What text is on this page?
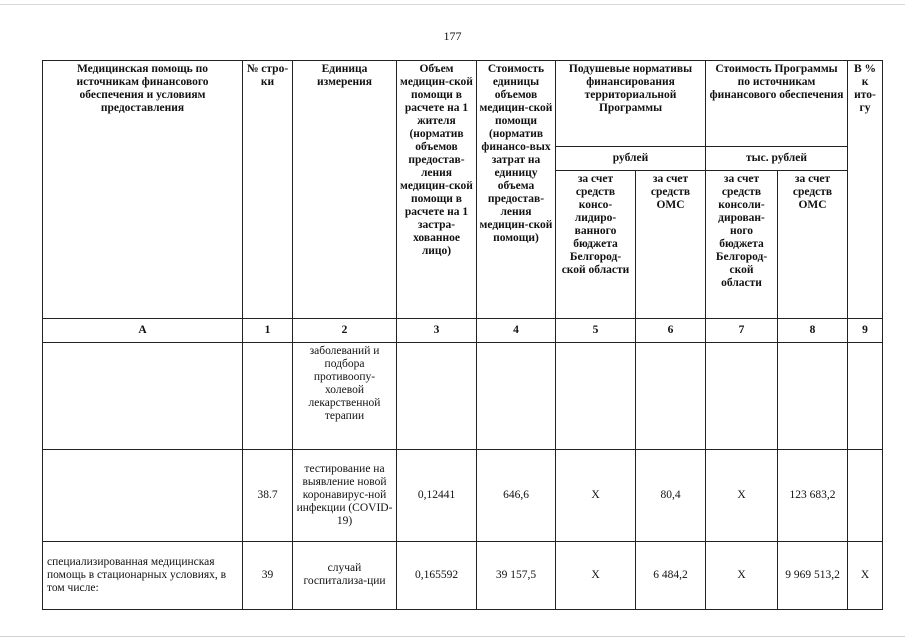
177
Медицинская помощь по источникам финансового обеспечения и условиям предоставления	№ стро-ки	Единица измерения	Объем медицин-ской помощи в расчете на 1 жителя (норматив объемов предостав-ления медицин-ской помощи в расчете на 1 застра-хованное лицо)	Стоимость единицы объемов медицин-ской помощи (норматив финансо-вых затрат на единицу объема предостав-ления медицин-ской помощи)	Подушевые нормативы финансирования территориальной Программы		Стоимость Программы по источникам финансового обеспечения		В % к ито-гу
					рублей		тыс. рублей		
					за счет средств консо-лидиро-ванного бюджета Белгород-ской области	за счет средств ОМС	за счет средств консоли-дирован-ного бюджета Белгород-ской области	за счет средств ОМС	
А	1	2	3	4	5	6	7	8	9
		заболеваний и подбора противоопу-холевой лекарственной терапии							
	38.7	тестирование на выявление новой коронавирус-ной инфекции (COVID-19)	0,12441	646,6	Х	80,4	Х	123 683,2	
специализированная медицинская помощь в стационарных условиях, в том числе:	39	случай госпитализа-ции	0,165592	39 157,5	Х	6 484,2	Х	9 969 513,2	Х
